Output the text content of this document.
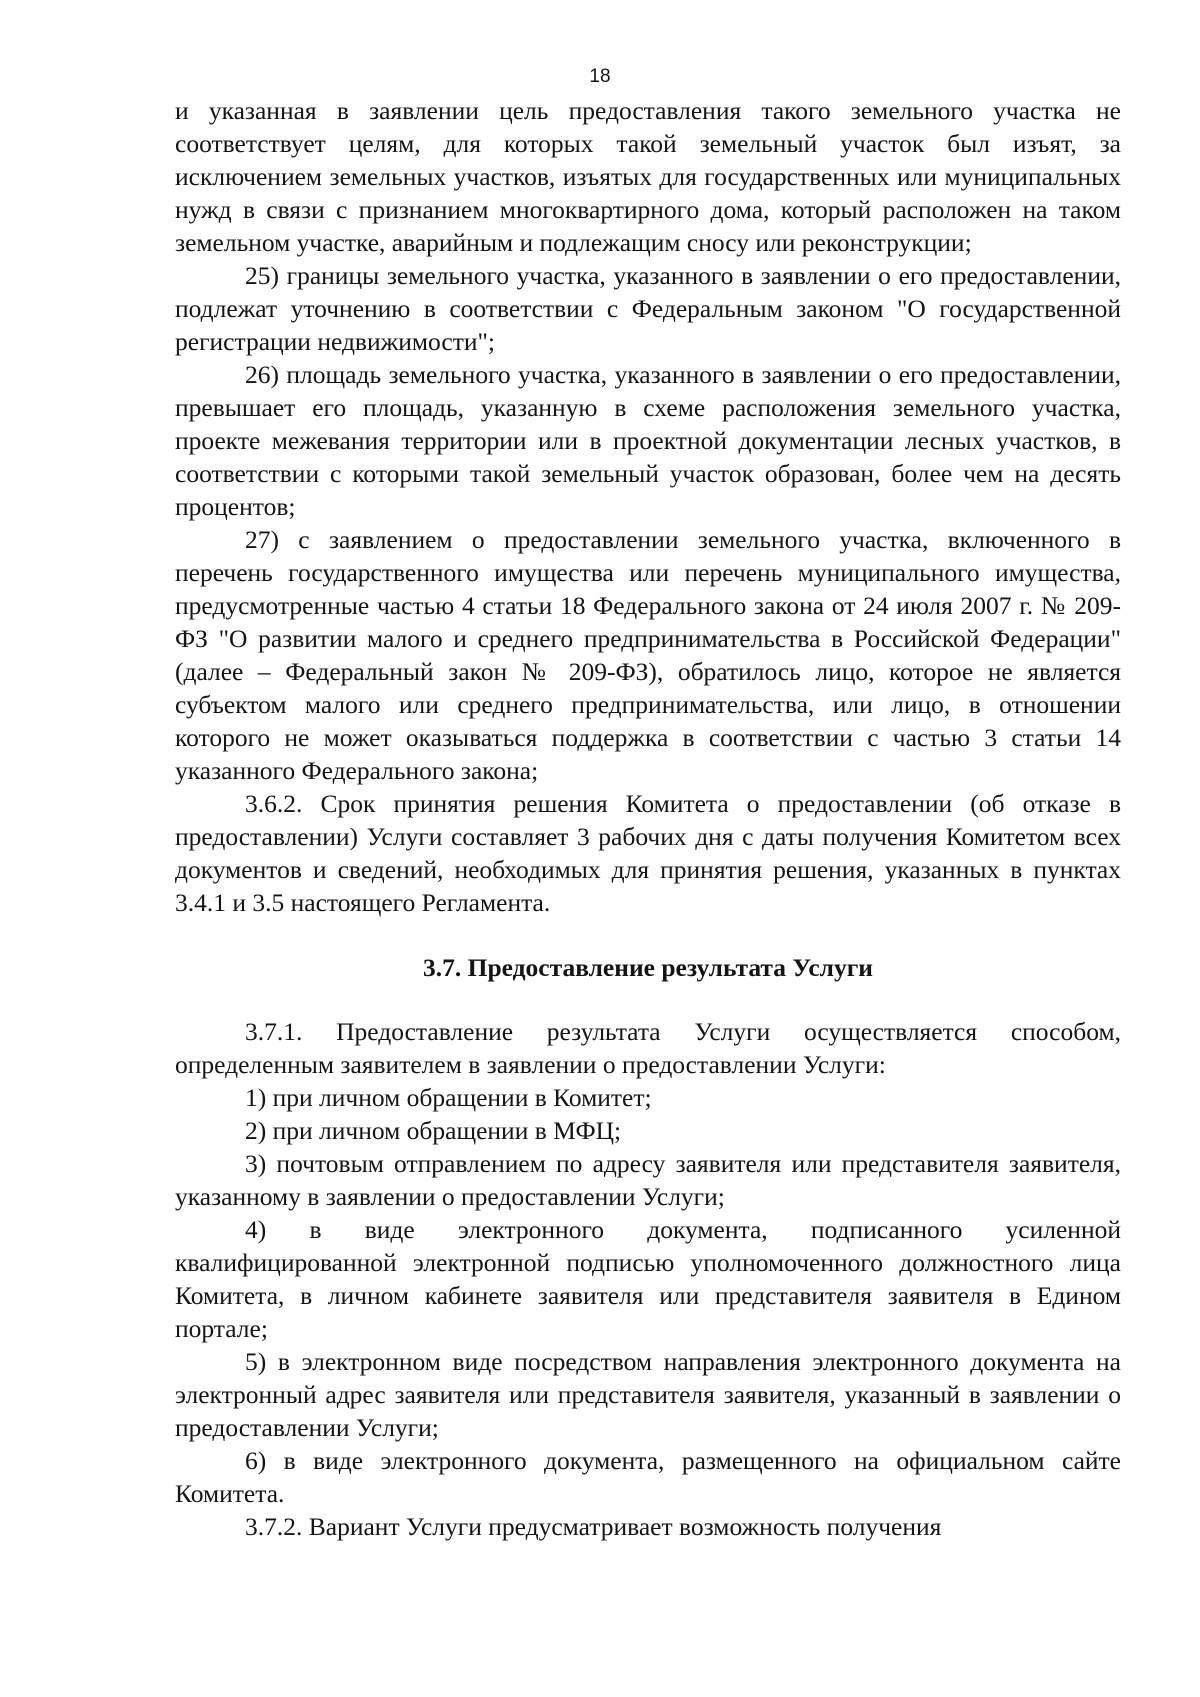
18

и указанная в заявлении цель предоставления такого земельного участка не соответствует целям, для которых такой земельный участок был изъят, за исключением земельных участков, изъятых для государственных или муниципальных нужд в связи с признанием многоквартирного дома, который расположен на таком земельном участке, аварийным и подлежащим сносу или реконструкции;

25) границы земельного участка, указанного в заявлении о его предоставлении, подлежат уточнению в соответствии с Федеральным законом "О государственной регистрации недвижимости";

26) площадь земельного участка, указанного в заявлении о его предоставлении, превышает его площадь, указанную в схеме расположения земельного участка, проекте межевания территории или в проектной документации лесных участков, в соответствии с которыми такой земельный участок образован, более чем на десять процентов;

27) с заявлением о предоставлении земельного участка, включенного в перечень государственного имущества или перечень муниципального имущества, предусмотренные частью 4 статьи 18 Федерального закона от 24 июля 2007 г. № 209-ФЗ "О развитии малого и среднего предпринимательства в Российской Федерации" (далее – Федеральный закон № 209-ФЗ), обратилось лицо, которое не является субъектом малого или среднего предпринимательства, или лицо, в отношении которого не может оказываться поддержка в соответствии с частью 3 статьи 14 указанного Федерального закона;

3.6.2. Срок принятия решения Комитета о предоставлении (об отказе в предоставлении) Услуги составляет 3 рабочих дня с даты получения Комитетом всех документов и сведений, необходимых для принятия решения, указанных в пунктах 3.4.1 и 3.5 настоящего Регламента.

3.7. Предоставление результата Услуги

3.7.1. Предоставление результата Услуги осуществляется способом, определенным заявителем в заявлении о предоставлении Услуги:

1) при личном обращении в Комитет;

2) при личном обращении в МФЦ;

3) почтовым отправлением по адресу заявителя или представителя заявителя, указанному в заявлении о предоставлении Услуги;

4) в виде электронного документа, подписанного усиленной квалифицированной электронной подписью уполномоченного должностного лица Комитета, в личном кабинете заявителя или представителя заявителя в Едином портале;

5) в электронном виде посредством направления электронного документа на электронный адрес заявителя или представителя заявителя, указанный в заявлении о предоставлении Услуги;

6) в виде электронного документа, размещенного на официальном сайте Комитета.

3.7.2. Вариант Услуги предусматривает возможность получения
